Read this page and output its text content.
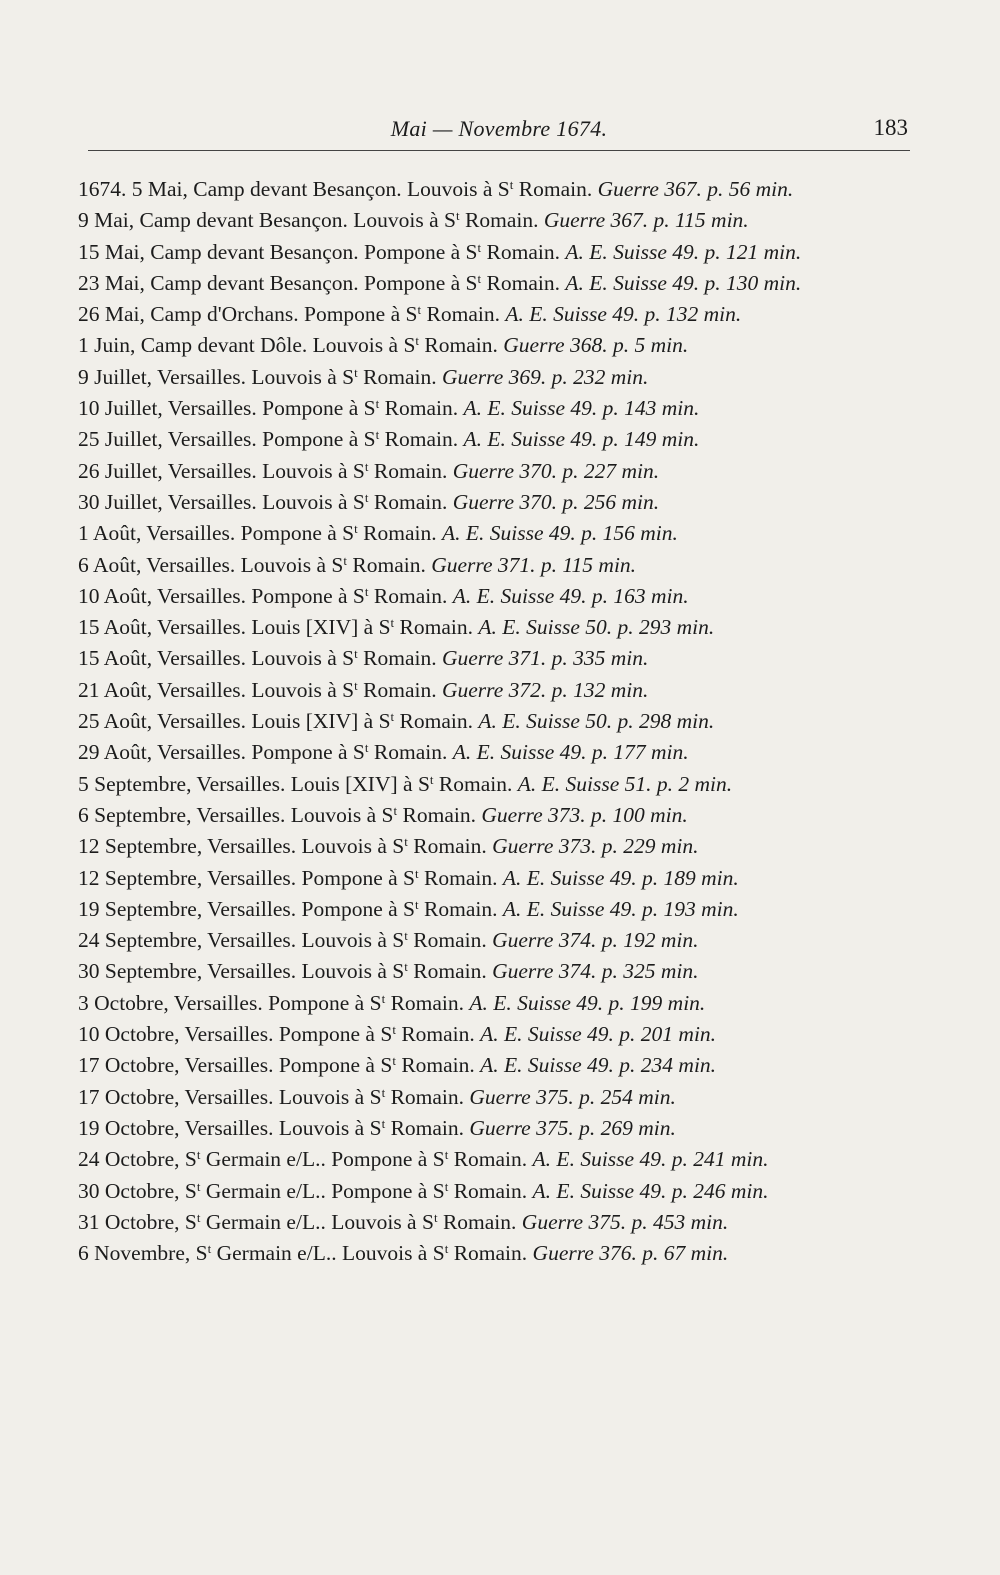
Mai — Novembre 1674.	183
1674. 5 Mai, Camp devant Besançon. Louvois à $S^t$ Romain. Guerre 367. p. 56 min.
9 Mai, Camp devant Besançon. Louvois à $S^t$ Romain. Guerre 367. p. 115 min.
15 Mai, Camp devant Besançon. Pompone à $S^t$ Romain. A. E. Suisse 49. p. 121 min.
23 Mai, Camp devant Besançon. Pompone à $S^t$ Romain. A. E. Suisse 49. p. 130 min.
26 Mai, Camp d'Orchans. Pompone à $S^t$ Romain. A. E. Suisse 49. p. 132 min.
1 Juin, Camp devant Dôle. Louvois à $S^t$ Romain. Guerre 368. p. 5 min.
9 Juillet, Versailles. Louvois à $S^t$ Romain. Guerre 369. p. 232 min.
10 Juillet, Versailles. Pompone à $S^t$ Romain. A. E. Suisse 49. p. 143 min.
25 Juillet, Versailles. Pompone à $S^t$ Romain. A. E. Suisse 49. p. 149 min.
26 Juillet, Versailles. Louvois à $S^t$ Romain. Guerre 370. p. 227 min.
30 Juillet, Versailles. Louvois à $S^t$ Romain. Guerre 370. p. 256 min.
1 Août, Versailles. Pompone à $S^t$ Romain. A. E. Suisse 49. p. 156 min.
6 Août, Versailles. Louvois à $S^t$ Romain. Guerre 371. p. 115 min.
10 Août, Versailles. Pompone à $S^t$ Romain. A. E. Suisse 49. p. 163 min.
15 Août, Versailles. Louis [XIV] à $S^t$ Romain. A. E. Suisse 50. p. 293 min.
15 Août, Versailles. Louvois à $S^t$ Romain. Guerre 371. p. 335 min.
21 Août, Versailles. Louvois à $S^t$ Romain. Guerre 372. p. 132 min.
25 Août, Versailles. Louis [XIV] à $S^t$ Romain. A. E. Suisse 50. p. 298 min.
29 Août, Versailles. Pompone à $S^t$ Romain. A. E. Suisse 49. p. 177 min.
5 Septembre, Versailles. Louis [XIV] à $S^t$ Romain. A. E. Suisse 51. p. 2 min.
6 Septembre, Versailles. Louvois à $S^t$ Romain. Guerre 373. p. 100 min.
12 Septembre, Versailles. Louvois à $S^t$ Romain. Guerre 373. p. 229 min.
12 Septembre, Versailles. Pompone à $S^t$ Romain. A. E. Suisse 49. p. 189 min.
19 Septembre, Versailles. Pompone à $S^t$ Romain. A. E. Suisse 49. p. 193 min.
24 Septembre, Versailles. Louvois à $S^t$ Romain. Guerre 374. p. 192 min.
30 Septembre, Versailles. Louvois à $S^t$ Romain. Guerre 374. p. 325 min.
3 Octobre, Versailles. Pompone à $S^t$ Romain. A. E. Suisse 49. p. 199 min.
10 Octobre, Versailles. Pompone à $S^t$ Romain. A. E. Suisse 49. p. 201 min.
17 Octobre, Versailles. Pompone à $S^t$ Romain. A. E. Suisse 49. p. 234 min.
17 Octobre, Versailles. Louvois à $S^t$ Romain. Guerre 375. p. 254 min.
19 Octobre, Versailles. Louvois à $S^t$ Romain. Guerre 375. p. 269 min.
24 Octobre, $S^t$ Germain e/L.. Pompone à $S^t$ Romain. A. E. Suisse 49. p. 241 min.
30 Octobre, $S^t$ Germain e/L.. Pompone à $S^t$ Romain. A. E. Suisse 49. p. 246 min.
31 Octobre, $S^t$ Germain e/L.. Louvois à $S^t$ Romain. Guerre 375. p. 453 min.
6 Novembre, $S^t$ Germain e/L.. Louvois à $S^t$ Romain. Guerre 376. p. 67 min.
